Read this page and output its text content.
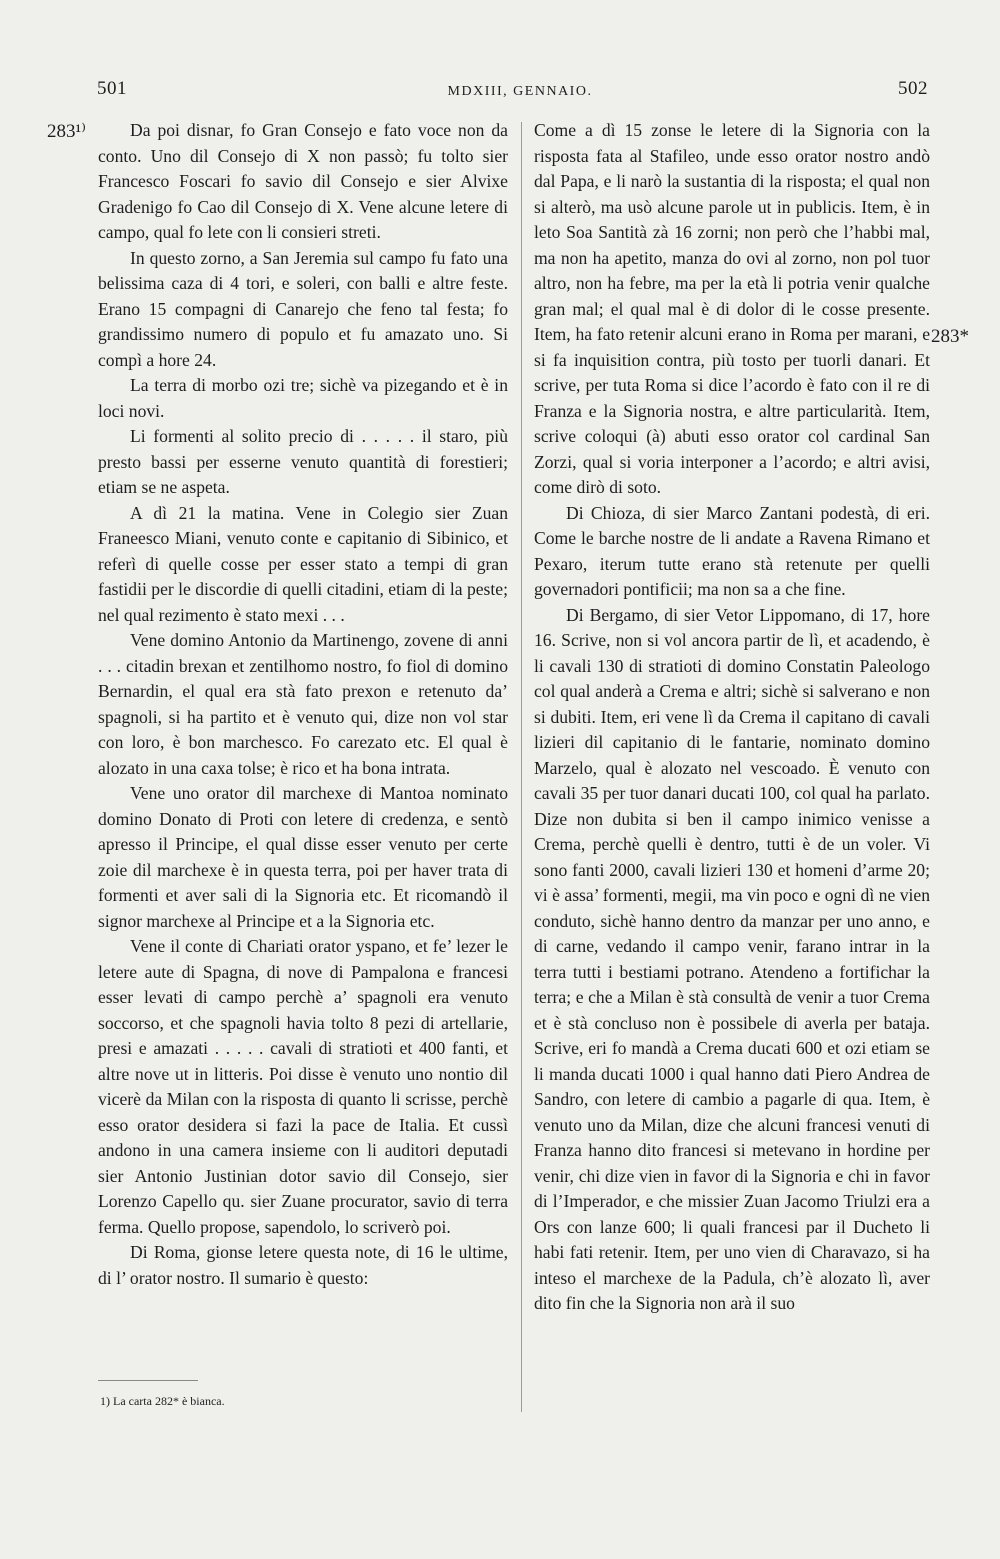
501	MDXIII, GENNAIO.	502
283¹⁾
283*

Da poi disnar, fo Gran Consejo e fato voce non da conto. Uno dil Consejo di X non passò; fu tolto sier Francesco Foscari fo savio dil Consejo e sier Alvixe Gradenigo fo Cao dil Consejo di X. Vene alcune letere di campo, qual fo lete con li consieri streti.

In questo zorno, a San Jeremia sul campo fu fato una belissima caza di 4 tori, e soleri, con balli e altre feste. Erano 15 compagni di Canarejo che feno tal festa; fo grandissimo numero di populo et fu amazato uno. Si compì a hore 24.

La terra di morbo ozi tre; sichè va pizegando et è in loci novi.

Li formenti al solito precio di . . . . . il staro, più presto bassi per esserne venuto quantità di forestieri; etiam se ne aspeta.

A dì 21 la matina. Vene in Colegio sier Zuan Franeesco Miani, venuto conte e capitanio di Sibinico, et referì di quelle cosse per esser stato a tempi di gran fastidii per le discordie di quelli citadini, etiam di la peste; nel qual rezimento è stato mexi . . .

Vene domino Antonio da Martinengo, zovene di anni . . . citadin brexan et zentilhomo nostro, fo fiol di domino Bernardin, el qual era stà fato prexon e retenuto da’ spagnoli, si ha partito et è venuto qui, dize non vol star con loro, è bon marchesco. Fo carezato etc. El qual è alozato in una caxa tolse; è rico et ha bona intrata.

Vene uno orator dil marchexe di Mantoa nominato domino Donato di Proti con letere di credenza, e sentò apresso il Principe, el qual disse esser venuto per certe zoie dil marchexe è in questa terra, poi per haver trata di formenti et aver sali di la Signoria etc. Et ricomandò il signor marchexe al Principe et a la Signoria etc.

Vene il conte di Chariati orator yspano, et fe’ lezer le letere aute di Spagna, di nove di Pampalona e francesi esser levati di campo perchè a’ spagnoli era venuto soccorso, et che spagnoli havia tolto 8 pezi di artellarie, presi e amazati . . . . . cavali di stratioti et 400 fanti, et altre nove ut in litteris. Poi disse è venuto uno nontio dil vicerè da Milan con la risposta di quanto li scrisse, perchè esso orator desidera si fazi la pace de Italia. Et cussì andono in una camera insieme con li auditori deputadi sier Antonio Justinian dotor savio dil Consejo, sier Lorenzo Capello qu. sier Zuane procurator, savio di terra ferma. Quello propose, sapendolo, lo scriverò poi.

Di Roma, gionse letere questa note, di 16 le ultime, di l’ orator nostro. Il sumario è questo:

Come a dì 15 zonse le letere di la Signoria con la risposta fata al Stafileo, unde esso orator nostro andò dal Papa, e li narò la sustantia di la risposta; el qual non si alterò, ma usò alcune parole ut in publicis. Item, è in leto Soa Santità zà 16 zorni; non però che l’habbi mal, ma non ha apetito, manza do ovi al zorno, non pol tuor altro, non ha febre, ma per la età li potria venir qualche gran mal; el qual mal è di dolor di le cosse presente. Item, ha fato retenir alcuni erano in Roma per marani, e si fa inquisition contra, più tosto per tuorli danari. Et scrive, per tuta Roma si dice l’acordo è fato con il re di Franza e la Signoria nostra, e altre particularità. Item, scrive coloqui (à) abuti esso orator col cardinal San Zorzi, qual si voria interponer a l’acordo; e altri avisi, come dirò di soto.

Di Chioza, di sier Marco Zantani podestà, di eri. Come le barche nostre de li andate a Ravena Rimano et Pexaro, iterum tutte erano stà retenute per quelli governadori pontificii; ma non sa a che fine.

Di Bergamo, di sier Vetor Lippomano, di 17, hore 16. Scrive, non si vol ancora partir de lì, et acadendo, è li cavali 130 di stratioti di domino Constatin Paleologo col qual anderà a Crema e altri; sichè si salverano e non si dubiti. Item, eri vene lì da Crema il capitano di cavali lizieri dil capitanio di le fantarie, nominato domino Marzelo, qual è alozato nel vescoado. È venuto con cavali 35 per tuor danari ducati 100, col qual ha parlato. Dize non dubita si ben il campo inimico venisse a Crema, perchè quelli è dentro, tutti è de un voler. Vi sono fanti 2000, cavali lizieri 130 et homeni d’arme 20; vi è assa’ formenti, megii, ma vin poco e ogni dì ne vien conduto, sichè hanno dentro da manzar per uno anno, e di carne, vedando il campo venir, farano intrar in la terra tutti i bestiami potrano. Atendeno a fortifichar la terra; e che a Milan è stà consultà de venir a tuor Crema et è stà concluso non è possibele di averla per bataja. Scrive, eri fo mandà a Crema ducati 600 et ozi etiam se li manda ducati 1000 i qual hanno dati Piero Andrea de Sandro, con letere di cambio a pagarle di qua. Item, è venuto uno da Milan, dize che alcuni francesi venuti di Franza hanno dito francesi si metevano in hordine per venir, chi dize vien in favor di la Signoria e chi in favor di l’Imperador, e che missier Zuan Jacomo Triulzi era a Ors con lanze 600; li quali francesi par il Ducheto li habi fati retenir. Item, per uno vien di Charavazo, si ha inteso el marchexe de la Padula, ch’è alozato lì, aver dito fin che la Signoria non arà il suo

1) La carta 282* è bianca.
